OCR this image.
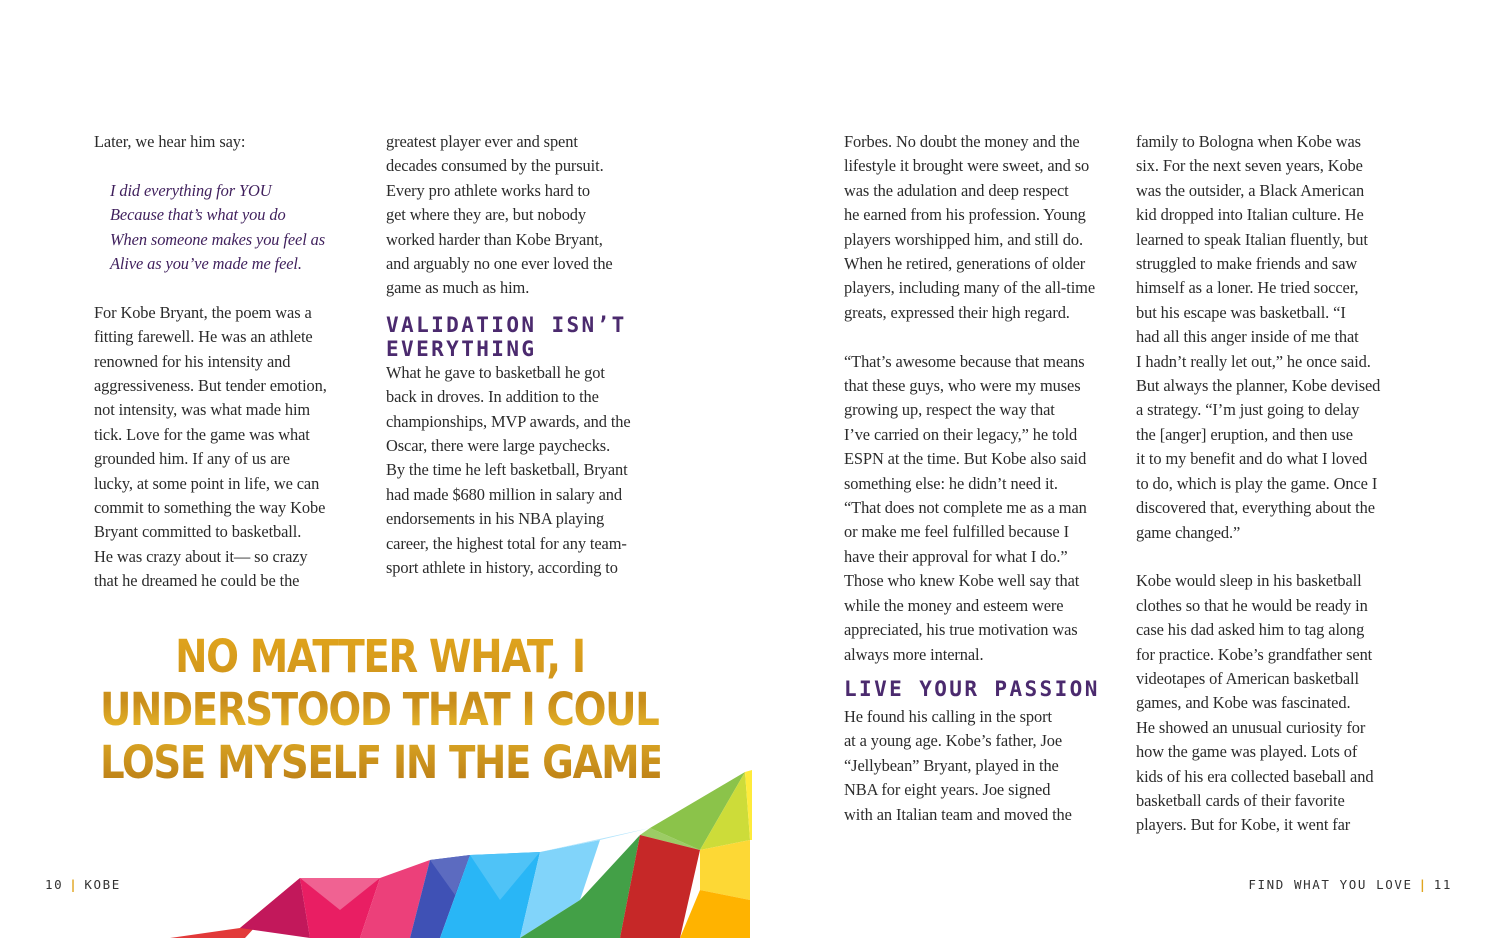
Later, we hear him say:
I did everything for YOU
Because that’s what you do
When someone makes you feel as
Alive as you’ve made me feel.
For Kobe Bryant, the poem was a
fitting farewell. He was an athlete
renowned for his intensity and
aggressiveness. But tender emotion,
not intensity, was what made him
tick. Love for the game was what
grounded him. If any of us are
lucky, at some point in life, we can
commit to something the way Kobe
Bryant committed to basketball.
He was crazy about it— so crazy
that he dreamed he could be the
greatest player ever and spent
decades consumed by the pursuit.
Every pro athlete works hard to
get where they are, but nobody
worked harder than Kobe Bryant,
and arguably no one ever loved the
game as much as him.
VALIDATION ISN’T
EVERYTHING
What he gave to basketball he got
back in droves. In addition to the
championships, MVP awards, and the
Oscar, there were large paychecks.
By the time he left basketball, Bryant
had made $680 million in salary and
endorsements in his NBA playing
career, the highest total for any team-
sport athlete in history, according to
NO MATTER WHAT, I
UNDERSTOOD THAT I COULD
LOSE MYSELF IN THE GAME.
10 | KOBE
Forbes. No doubt the money and the
lifestyle it brought were sweet, and so
was the adulation and deep respect
he earned from his profession. Young
players worshipped him, and still do.
When he retired, generations of older
players, including many of the all-time
greats, expressed their high regard.
“That’s awesome because that means
that these guys, who were my muses
growing up, respect the way that
I’ve carried on their legacy,” he told
ESPN at the time. But Kobe also said
something else: he didn’t need it.
“That does not complete me as a man
or make me feel fulfilled because I
have their approval for what I do.”
Those who knew Kobe well say that
while the money and esteem were
appreciated, his true motivation was
always more internal.
LIVE YOUR PASSION
He found his calling in the sport
at a young age. Kobe’s father, Joe
“Jellybean” Bryant, played in the
NBA for eight years. Joe signed
with an Italian team and moved the
family to Bologna when Kobe was
six. For the next seven years, Kobe
was the outsider, a Black American
kid dropped into Italian culture. He
learned to speak Italian fluently, but
struggled to make friends and saw
himself as a loner. He tried soccer,
but his escape was basketball. “I
had all this anger inside of me that
I hadn’t really let out,” he once said.
But always the planner, Kobe devised
a strategy. “I’m just going to delay
the [anger] eruption, and then use
it to my benefit and do what I loved
to do, which is play the game. Once I
discovered that, everything about the
game changed.”
Kobe would sleep in his basketball
clothes so that he would be ready in
case his dad asked him to tag along
for practice. Kobe’s grandfather sent
videotapes of American basketball
games, and Kobe was fascinated.
He showed an unusual curiosity for
how the game was played. Lots of
kids of his era collected baseball and
basketball cards of their favorite
players. But for Kobe, it went far
FIND WHAT YOU LOVE | 11
